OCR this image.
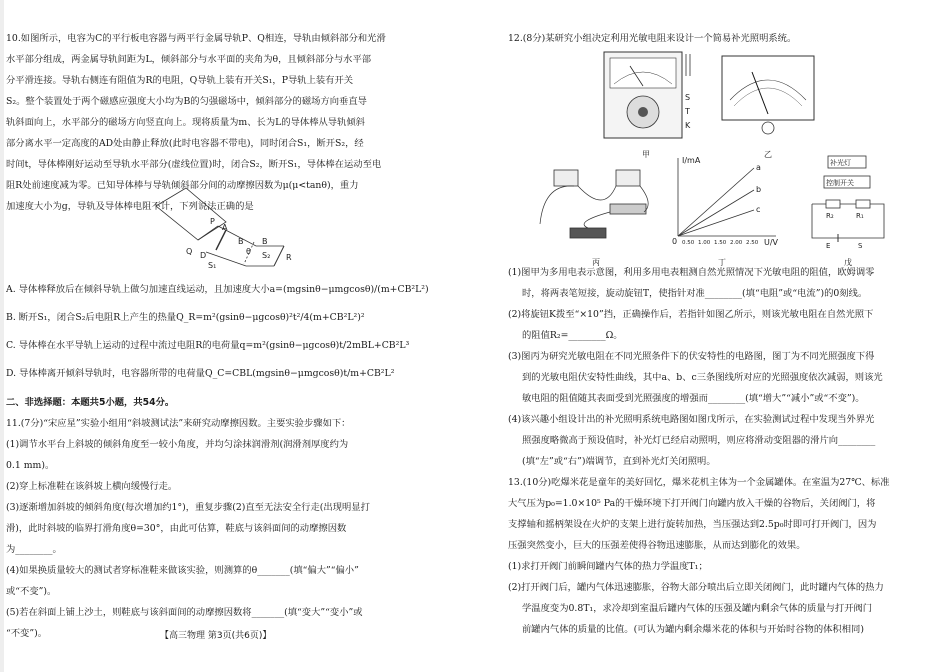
10.如图所示，电容为C的平行板电容器与两平行金属导轨P、Q相连，导轨由倾斜部分和光滑
水平部分组成，两金属导轨间距为L，倾斜部分与水平面的夹角为θ，且倾斜部分与水平部
分平滑连接。导轨右侧连有阻值为R的电阻，Q导轨上装有开关S₁，P导轨上装有开关
S₂。整个装置处于两个磁感应强度大小均为B的匀强磁场中，倾斜部分的磁场方向垂直导
轨斜面向上，水平部分的磁场方向竖直向上。现将质量为m、长为L的导体棒从导轨倾斜
部分离水平一定高度的AD处由静止释放(此时电容器不带电)，同时闭合S₁，断开S₂，经
时间t，导体棒刚好运动至导轨水平部分(虚线位置)时，闭合S₂，断开S₁，导体棒在运动至电
阻R处前速度减为零。已知导体棒与导轨倾斜部分间的动摩擦因数为μ(μ<tanθ)，重力
加速度大小为g，导轨及导体棒电阻不计，下列说法正确的是
P
Q
A
D
S₁
S₂ R
B B
θ
A. 导体棒释放后在倾斜导轨上做匀加速直线运动，且加速度大小a=(mgsinθ−μmgcosθ)/(m+CB²L²)
B. 断开S₁，闭合S₂后电阻R上产生的热量Q_R=m²(gsinθ−μgcosθ)²t²/4(m+CB²L²)²
C. 导体棒在水平导轨上运动的过程中流过电阻R的电荷量q=m²(gsinθ−μgcosθ)t/2mBL+CB²L³
D. 导体棒离开倾斜导轨时，电容器所带的电荷量Q_C=CBL(mgsinθ−μmgcosθ)t/m+CB²L²
二、非选择题：本题共5小题，共54分。
11.(7分)“宋应星”实验小组用“斜坡测试法”来研究动摩擦因数。主要实验步骤如下：
(1)调节水平台上斜坡的倾斜角度至一较小角度，并均匀涂抹润滑剂(润滑剂厚度约为
0.1 mm)。
(2)穿上标准鞋在该斜坡上横向缓慢行走。
(3)逐渐增加斜坡的倾斜角度(每次增加约1°)，重复步骤(2)直至无法安全行走(出现明显打
滑)，此时斜坡的临界打滑角度θ=30°，由此可估算，鞋底与该斜面间的动摩擦因数
为________。
(4)如果换质量较大的测试者穿标准鞋来做该实验，则测算的θ_______(填“偏大”“偏小”
或“不变”)。
(5)若在斜面上铺上沙土，则鞋底与该斜面间的动摩擦因数将_______(填“变大”“变小”或
“不变”)。	【高三物理 第3页(共6页)】
12.(8分)某研究小组决定利用光敏电阻来设计一个简易补光照明系统。
S
T
K
甲	乙
丙
I/mA
U/V
0 0.50 1.00 1.50 2.00 2.50
a
b
c
丁
补光灯
控制开关
R₂	R₁
E	S
戊
(1)图甲为多用电表示意图，利用多用电表粗测自然光照情况下光敏电阻的阻值，欧姆调零
时，将两表笔短接，旋动旋钮T，使指针对准________(填“电阻”或“电流”)的0刻线。
(2)将旋钮K拨至“×10”挡，正确操作后，若指针如图乙所示，则该光敏电阻在自然光照下
的阻值R₂=________Ω。
(3)图丙为研究光敏电阻在不同光照条件下的伏安特性的电路图，图丁为不同光照强度下得
到的光敏电阻伏安特性曲线，其中a、b、c三条图线所对应的光照强度依次减弱，则该光
敏电阻的阻值随其表面受到光照强度的增强而________(填“增大”“减小”或“不变”)。
(4)该兴趣小组设计出的补光照明系统电路图如图戊所示，在实验测试过程中发现当外界光
照强度略微高于预设值时，补光灯已经启动照明，则应将滑动变阻器的滑片向________
(填“左”或“右”)端调节，直到补光灯关闭照明。
13.(10分)吃爆米花是童年的美好回忆，爆米花机主体为一个金属罐体。在室温为27℃、标准
大气压为p₀=1.0×10⁵ Pa的干燥环境下打开阀门向罐内放入干燥的谷物后，关闭阀门，将
支撑轴和摇柄架设在火炉的支架上进行旋转加热，当压强达到2.5p₀时即可打开阀门，因为
压强突然变小，巨大的压强差使得谷物迅速膨胀，从而达到膨化的效果。
(1)求打开阀门前瞬间罐内气体的热力学温度T₁；
(2)打开阀门后，罐内气体迅速膨胀，谷物大部分喷出后立即关闭阀门，此时罐内气体的热力
学温度变为0.8T₁，求冷却到室温后罐内气体的压强及罐内剩余气体的质量与打开阀门
前罐内气体的质量的比值。(可认为罐内剩余爆米花的体积与开始时谷物的体积相同)
